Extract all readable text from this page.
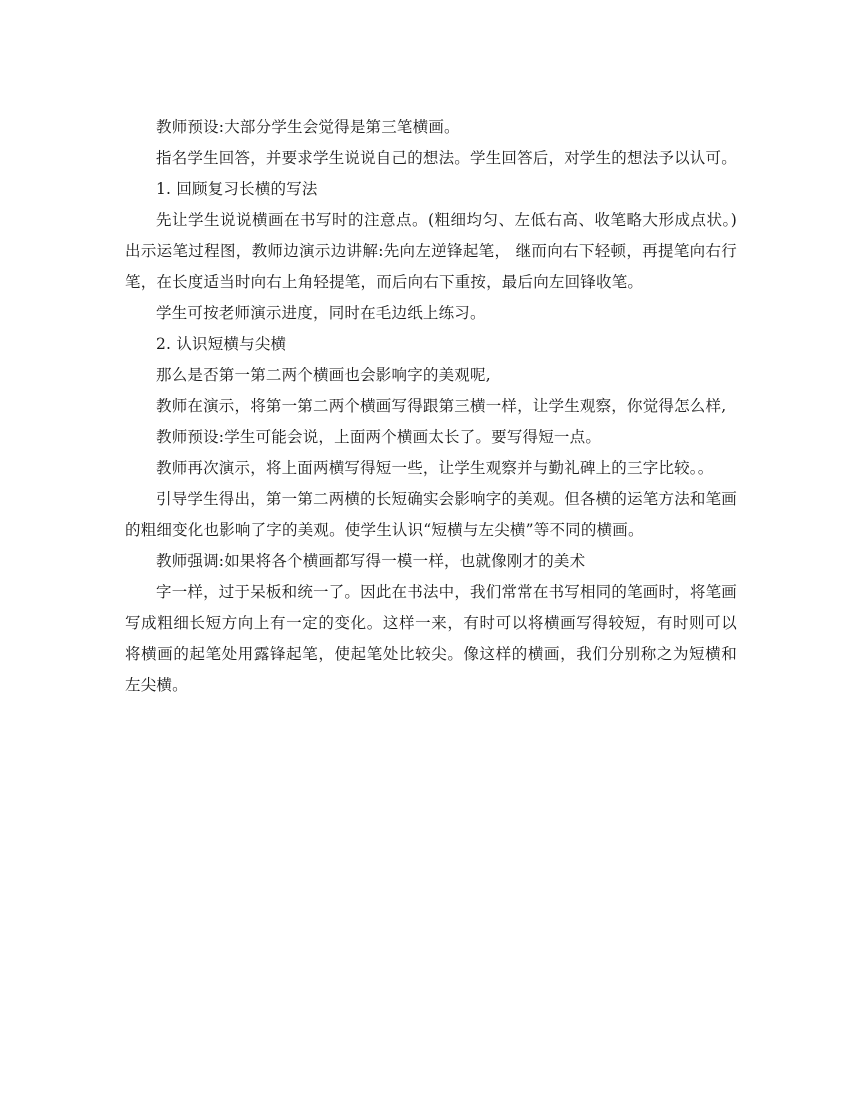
教师预设:大部分学生会觉得是第三笔横画。

指名学生回答，并要求学生说说自己的想法。学生回答后，对学生的想法予以认可。

1. 回顾复习长横的写法

先让学生说说横画在书写时的注意点。(粗细均匀、左低右高、收笔略大形成点状。)出示运笔过程图，教师边演示边讲解:先向左逆锋起笔， 继而向右下轻顿，再提笔向右行笔，在长度适当时向右上角轻提笔，而后向右下重按，最后向左回锋收笔。

学生可按老师演示进度，同时在毛边纸上练习。

2. 认识短横与尖横

那么是否第一第二两个横画也会影响字的美观呢,

教师在演示，将第一第二两个横画写得跟第三横一样，让学生观察，你觉得怎么样,

教师预设:学生可能会说，上面两个横画太长了。要写得短一点。

教师再次演示，将上面两横写得短一些，让学生观察并与勤礼碑上的三字比较。。

引导学生得出，第一第二两横的长短确实会影响字的美观。但各横的运笔方法和笔画的粗细变化也影响了字的美观。使学生认识“短横与左尖横”等不同的横画。

教师强调:如果将各个横画都写得一模一样，也就像刚才的美术

字一样，过于呆板和统一了。因此在书法中，我们常常在书写相同的笔画时，将笔画写成粗细长短方向上有一定的变化。这样一来，有时可以将横画写得较短，有时则可以将横画的起笔处用露锋起笔，使起笔处比较尖。像这样的横画，我们分别称之为短横和左尖横。
